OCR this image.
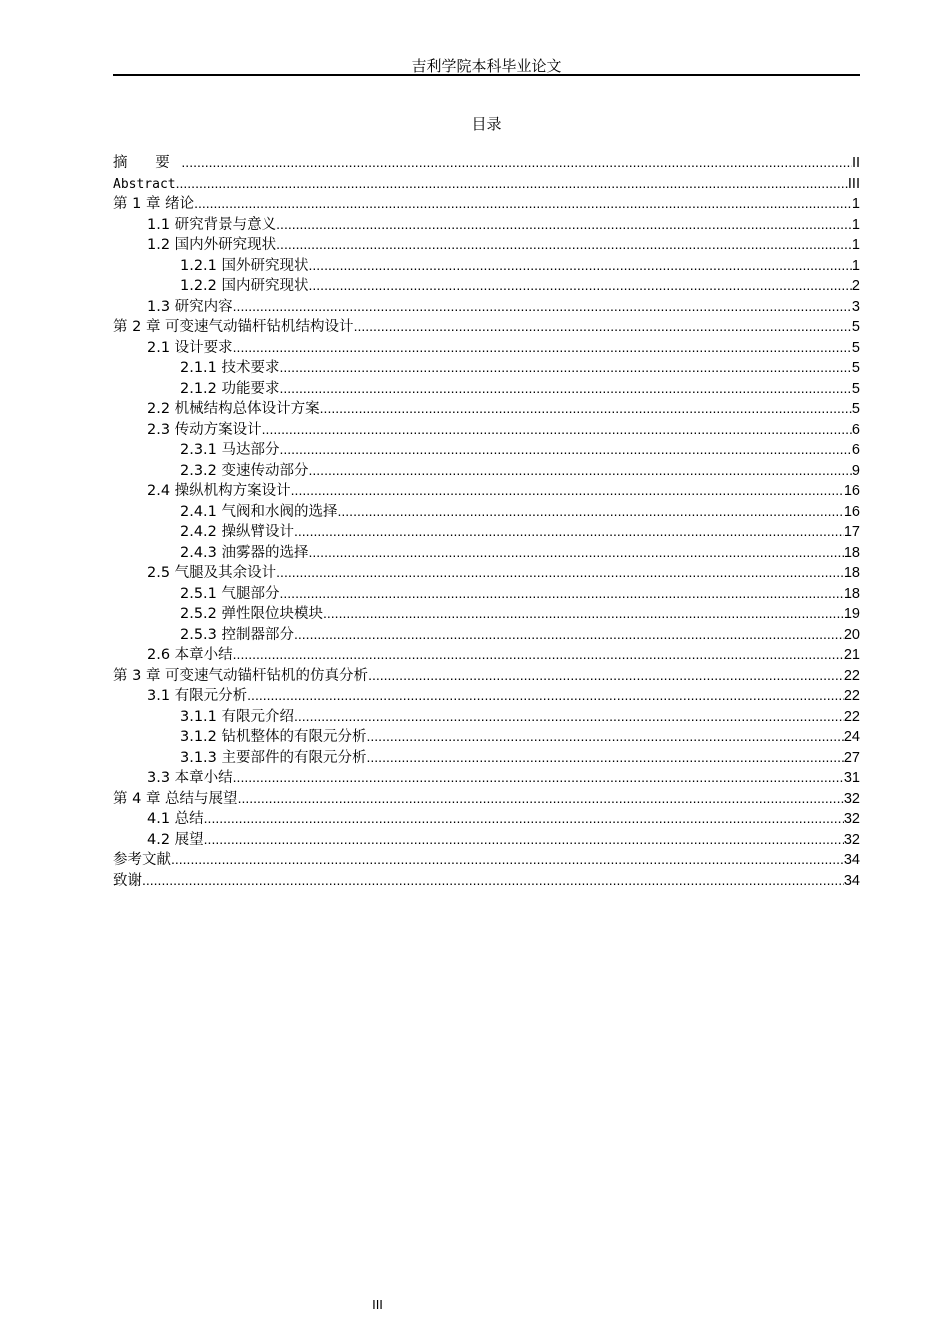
吉利学院本科毕业论文
目录
摘 要 .....	II
Abstract .....	III
第 1 章 绪论 .....	1
1.1 研究背景与意义 .....	1
1.2 国内外研究现状 .....	1
1.2.1 国外研究现状 .....	1
1.2.2 国内研究现状 .....	2
1.3 研究内容 .....	3
第 2 章 可变速气动锚杆钻机结构设计 .....	5
2.1 设计要求 .....	5
2.1.1 技术要求 .....	5
2.1.2 功能要求 .....	5
2.2 机械结构总体设计方案 .....	5
2.3 传动方案设计 .....	6
2.3.1 马达部分 .....	6
2.3.2 变速传动部分 .....	9
2.4 操纵机构方案设计 .....	16
2.4.1 气阀和水阀的选择 .....	16
2.4.2 操纵臂设计 .....	17
2.4.3 油雾器的选择 .....	18
2.5 气腿及其余设计 .....	18
2.5.1 气腿部分 .....	18
2.5.2 弹性限位块模块 .....	19
2.5.3 控制器部分 .....	20
2.6 本章小结 .....	21
第 3 章 可变速气动锚杆钻机的仿真分析 .....	22
3.1 有限元分析 .....	22
3.1.1 有限元介绍 .....	22
3.1.2 钻机整体的有限元分析 .....	24
3.1.3 主要部件的有限元分析 .....	27
3.3 本章小结 .....	31
第 4 章 总结与展望 .....	32
4.1 总结 .....	32
4.2 展望 .....	32
参考文献 .....	34
致谢 .....	34
III
